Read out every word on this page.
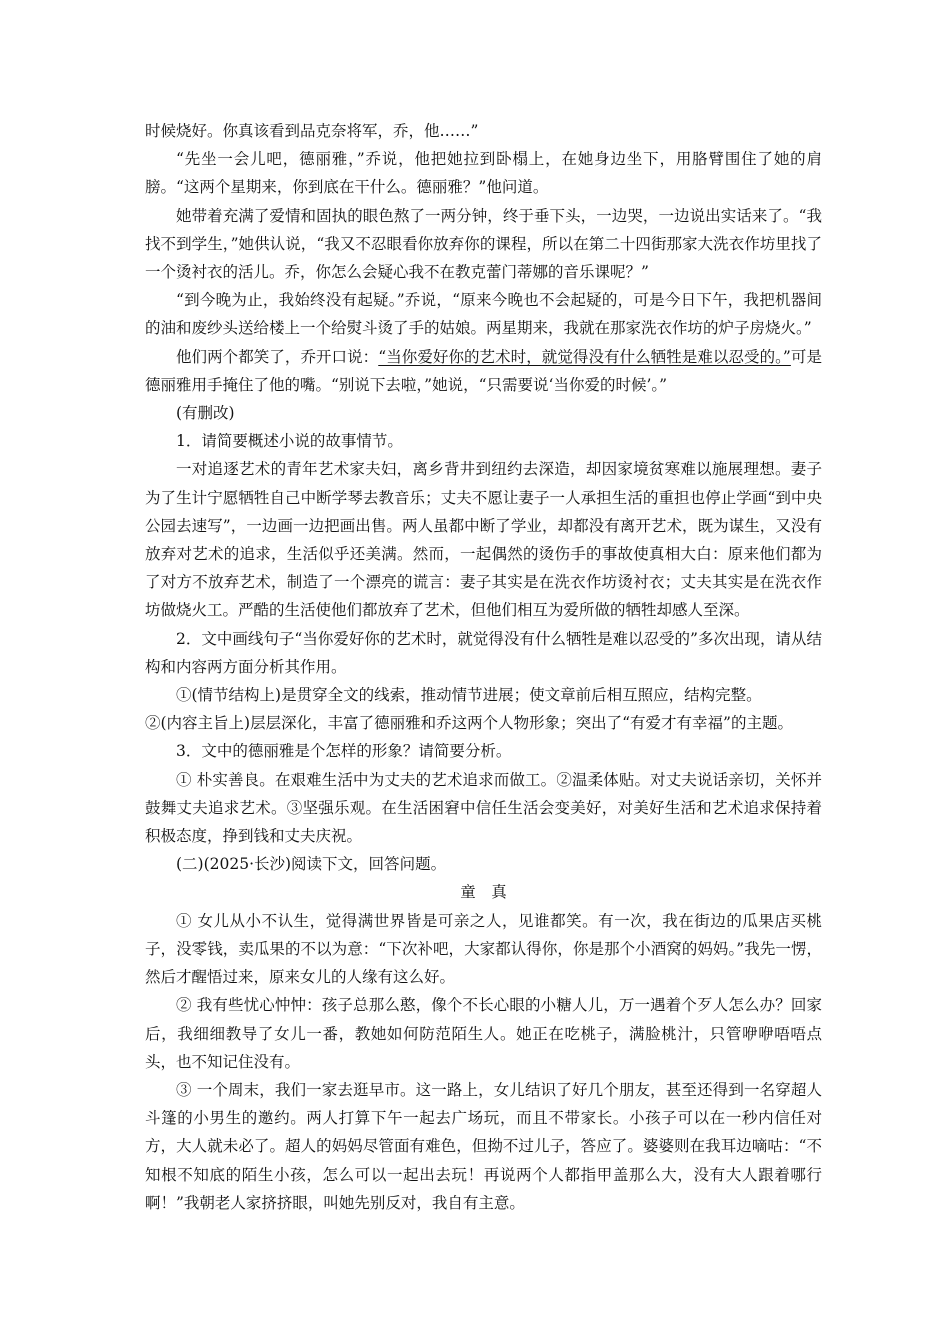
时候烧好。你真该看到品克奈将军，乔，他……”

“先坐一会儿吧，德丽雅，”乔说，他把她拉到卧榻上，在她身边坐下，用胳臂围住了她的肩膀。“这两个星期来，你到底在干什么。德丽雅？”他问道。

她带着充满了爱情和固执的眼色熬了一两分钟，终于垂下头，一边哭，一边说出实话来了。“我找不到学生，”她供认说，“我又不忍眼看你放弃你的课程，所以在第二十四街那家大洗衣作坊里找了一个烫衬衣的活儿。乔，你怎么会疑心我不在教克蕾门蒂娜的音乐课呢？”

“到今晚为止，我始终没有起疑。”乔说，“原来今晚也不会起疑的，可是今日下午，我把机器间的油和废纱头送给楼上一个给熨斗烫了手的姑娘。两星期来，我就在那家洗衣作坊的炉子房烧火。”

他们两个都笑了，乔开口说：“当你爱好你的艺术时，就觉得没有什么牺牲是难以忍受的。”可是德丽雅用手掩住了他的嘴。“别说下去啦，”她说，“只需要说‘当你爱的时候’。”

(有删改)

1．请简要概述小说的故事情节。

一对追逐艺术的青年艺术家夫妇，离乡背井到纽约去深造，却因家境贫寒难以施展理想。妻子为了生计宁愿牺牲自己中断学琴去教音乐；丈夫不愿让妻子一人承担生活的重担也停止学画“到中央公园去速写”，一边画一边把画出售。两人虽都中断了学业，却都没有离开艺术，既为谋生，又没有放弃对艺术的追求，生活似乎还美满。然而，一起偶然的烫伤手的事故使真相大白：原来他们都为了对方不放弃艺术，制造了一个漂亮的谎言：妻子其实是在洗衣作坊烫衬衣；丈夫其实是在洗衣作坊做烧火工。严酷的生活使他们都放弃了艺术，但他们相互为爱所做的牺牲却感人至深。

2．文中画线句子“当你爱好你的艺术时，就觉得没有什么牺牲是难以忍受的”多次出现，请从结构和内容两方面分析其作用。

①(情节结构上)是贯穿全文的线索，推动情节进展；使文章前后相互照应，结构完整。

②(内容主旨上)层层深化，丰富了德丽雅和乔这两个人物形象；突出了“有爱才有幸福”的主题。

3．文中的德丽雅是个怎样的形象？请简要分析。

① 朴实善良。在艰难生活中为丈夫的艺术追求而做工。②温柔体贴。对丈夫说话亲切，关怀并鼓舞丈夫追求艺术。③坚强乐观。在生活困窘中信任生活会变美好，对美好生活和艺术追求保持着积极态度，挣到钱和丈夫庆祝。

(二)(2025·长沙)阅读下文，回答问题。

童真

① 女儿从小不认生，觉得满世界皆是可亲之人，见谁都笑。有一次，我在街边的瓜果店买桃子，没零钱，卖瓜果的不以为意：“下次补吧，大家都认得你，你是那个小酒窝的妈妈。”我先一愣，然后才醒悟过来，原来女儿的人缘有这么好。

② 我有些忧心忡忡：孩子总那么憨，像个不长心眼的小糖人儿，万一遇着个歹人怎么办？回家后，我细细教导了女儿一番，教她如何防范陌生人。她正在吃桃子，满脸桃汁，只管咿咿唔唔点头，也不知记住没有。

③ 一个周末，我们一家去逛早市。这一路上，女儿结识了好几个朋友，甚至还得到一名穿超人斗篷的小男生的邀约。两人打算下午一起去广场玩，而且不带家长。小孩子可以在一秒内信任对方，大人就未必了。超人的妈妈尽管面有难色，但拗不过儿子，答应了。婆婆则在我耳边嘀咕：“不知根不知底的陌生小孩，怎么可以一起出去玩！再说两个人都指甲盖那么大，没有大人跟着哪行啊！”我朝老人家挤挤眼，叫她先别反对，我自有主意。
